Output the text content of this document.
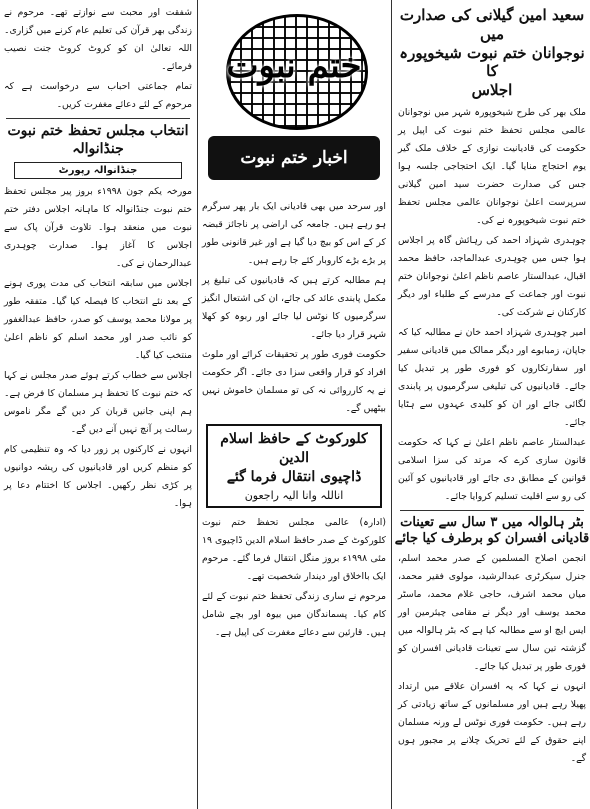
سعید امین گیلانی کی صدارت میں
نوجوانان ختم نبوت شیخوپورہ کا
اجلاس

ملک بھر کی طرح شیخوپورہ شہر میں نوجوانان عالمی مجلس تحفظ ختم نبوت کی اپیل پر حکومت کی قادیانیت نوازی کے خلاف ملک گیر یوم احتجاج منایا گیا۔ ایک احتجاجی جلسہ ہوا جس کی صدارت حضرت سید امین گیلانی سرپرست اعلیٰ نوجوانان عالمی مجلس تحفظ ختم نبوت شیخوپورہ نے کی۔

چوہدری شہزاد احمد کی رہائش گاہ پر اجلاس ہوا جس میں چوہدری عبدالماجد، حافظ محمد اقبال، عبدالستار عاصم ناظم اعلیٰ نوجوانان ختم نبوت اور جماعت کے مدرسے کے طلباء اور دیگر کارکنان نے شرکت کی۔

امیر چوہدری شہزاد احمد خان نے مطالبہ کیا کہ جاپان، زمبابوے اور دیگر ممالک میں قادیانی سفیر اور سفارتکاروں کو فوری طور پر تبدیل کیا جائے۔ قادیانیوں کی تبلیغی سرگرمیوں پر پابندی لگائی جائے اور ان کو کلیدی عہدوں سے ہٹایا جائے۔

عبدالستار عاصم ناظم اعلیٰ نے کہا کہ حکومت قانون سازی کرے کہ مرتد کی سزا اسلامی قوانین کے مطابق دی جائے اور قادیانیوں کو آئین کی رو سے اقلیت تسلیم کروایا جائے۔

بٹر ہالوالہ میں ۳ سال سے تعینات
قادیانی افسران کو برطرف کیا جائے

انجمن اصلاح المسلمین کے صدر محمد اسلم، جنرل سیکرٹری عبدالرشید، مولوی فقیر محمد، میاں محمد اشرف، حاجی غلام محمد، ماسٹر محمد یوسف اور دیگر نے مقامی چیئرمین اور ایس ایچ او سے مطالبہ کیا ہے کہ بٹر ہالوالہ میں گزشتہ تین سال سے تعینات قادیانی افسران کو فوری طور پر تبدیل کیا جائے۔

انہوں نے کہا کہ یہ افسران علاقے میں ارتداد پھیلا رہے ہیں اور مسلمانوں کے ساتھ زیادتی کر رہے ہیں۔ حکومت فوری نوٹس لے ورنہ مسلمان اپنے حقوق کے لئے تحریک چلانے پر مجبور ہوں گے۔

ختم نبوت
اخبار ختم نبوت

اور سرحد میں بھی قادیانی ایک بار پھر سرگرم ہو رہے ہیں۔ جامعہ کی اراضی پر ناجائز قبضہ کر کے اس کو بیچ دیا گیا ہے اور غیر قانونی طور پر بڑے بڑے کاروبار کئے جا رہے ہیں۔

ہم مطالبہ کرتے ہیں کہ قادیانیوں کی تبلیغ پر مکمل پابندی عائد کی جائے، ان کی اشتعال انگیز سرگرمیوں کا نوٹس لیا جائے اور ربوہ کو کھلا شہر قرار دیا جائے۔

حکومت فوری طور پر تحقیقات کرائے اور ملوث افراد کو قرار واقعی سزا دی جائے۔ اگر حکومت نے یہ کارروائی نہ کی تو مسلمان خاموش نہیں بیٹھیں گے۔

کلورکوٹ کے حافظ اسلام الدین
ڈاچیوی انتقال فرما گئے
اناللہ وانا الیہ راجعون

(ادارہ) عالمی مجلس تحفظ ختم نبوت کلورکوٹ کے صدر حافظ اسلام الدین ڈاچیوی ۱۹ مئی ۱۹۹۸ء بروز منگل انتقال فرما گئے۔ مرحوم ایک بااخلاق اور دیندار شخصیت تھے۔

مرحوم نے ساری زندگی تحفظ ختم نبوت کے لئے کام کیا۔ پسماندگان میں بیوہ اور بچے شامل ہیں۔ قارئین سے دعائے مغفرت کی اپیل ہے۔

شفقت اور محبت سے نوازتے تھے۔ مرحوم نے زندگی بھر قرآن کی تعلیم عام کرنے میں گزاری۔ اللہ تعالیٰ ان کو کروٹ کروٹ جنت نصیب فرمائے۔

تمام جماعتی احباب سے درخواست ہے کہ مرحوم کے لئے دعائے مغفرت کریں۔

انتخاب مجلس تحفظ ختم نبوت جنڈانوالہ
جنڈانوالہ رپورٹ

مورخہ یکم جون ۱۹۹۸ء بروز پیر مجلس تحفظ ختم نبوت جنڈانوالہ کا ماہانہ اجلاس دفتر ختم نبوت میں منعقد ہوا۔ تلاوت قرآن پاک سے اجلاس کا آغاز ہوا۔ صدارت چوہدری عبدالرحمان نے کی۔

اجلاس میں سابقہ انتخاب کی مدت پوری ہونے کے بعد نئے انتخاب کا فیصلہ کیا گیا۔ متفقہ طور پر مولانا محمد یوسف کو صدر، حافظ عبدالغفور کو نائب صدر اور محمد اسلم کو ناظم اعلیٰ منتخب کیا گیا۔

اجلاس سے خطاب کرتے ہوئے صدر مجلس نے کہا کہ ختم نبوت کا تحفظ ہر مسلمان کا فرض ہے۔ ہم اپنی جانیں قربان کر دیں گے مگر ناموس رسالت پر آنچ نہیں آنے دیں گے۔

انہوں نے کارکنوں پر زور دیا کہ وہ تنظیمی کام کو منظم کریں اور قادیانیوں کی ریشہ دوانیوں پر کڑی نظر رکھیں۔ اجلاس کا اختتام دعا پر ہوا۔
